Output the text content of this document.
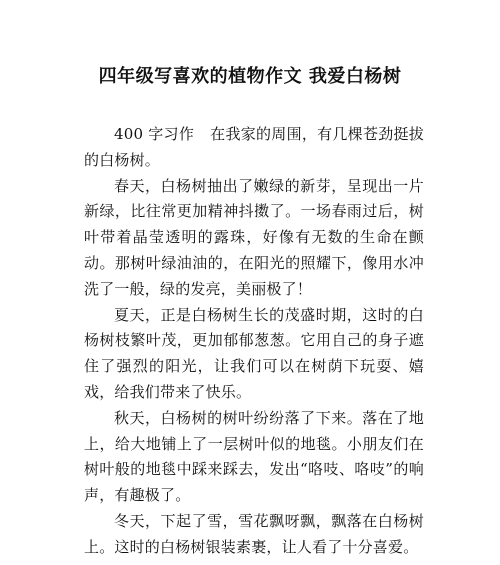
四年级写喜欢的植物作文 我爱白杨树

400 字习作 在我家的周围，有几棵苍劲挺拔的白杨树。

春天，白杨树抽出了嫩绿的新芽，呈现出一片新绿，比往常更加精神抖擞了。一场春雨过后，树叶带着晶莹透明的露珠，好像有无数的生命在颤动。那树叶绿油油的，在阳光的照耀下，像用水冲洗了一般，绿的发亮，美丽极了！

夏天，正是白杨树生长的茂盛时期，这时的白杨树枝繁叶茂，更加郁郁葱葱。它用自己的身子遮住了强烈的阳光，让我们可以在树荫下玩耍、嬉戏，给我们带来了快乐。

秋天，白杨树的树叶纷纷落了下来。落在了地上，给大地铺上了一层树叶似的地毯。小朋友们在树叶般的地毯中踩来踩去，发出“咯吱、咯吱”的响声，有趣极了。

冬天，下起了雪，雪花飘呀飘，飘落在白杨树上。这时的白杨树银装素裹，让人看了十分喜爱。
